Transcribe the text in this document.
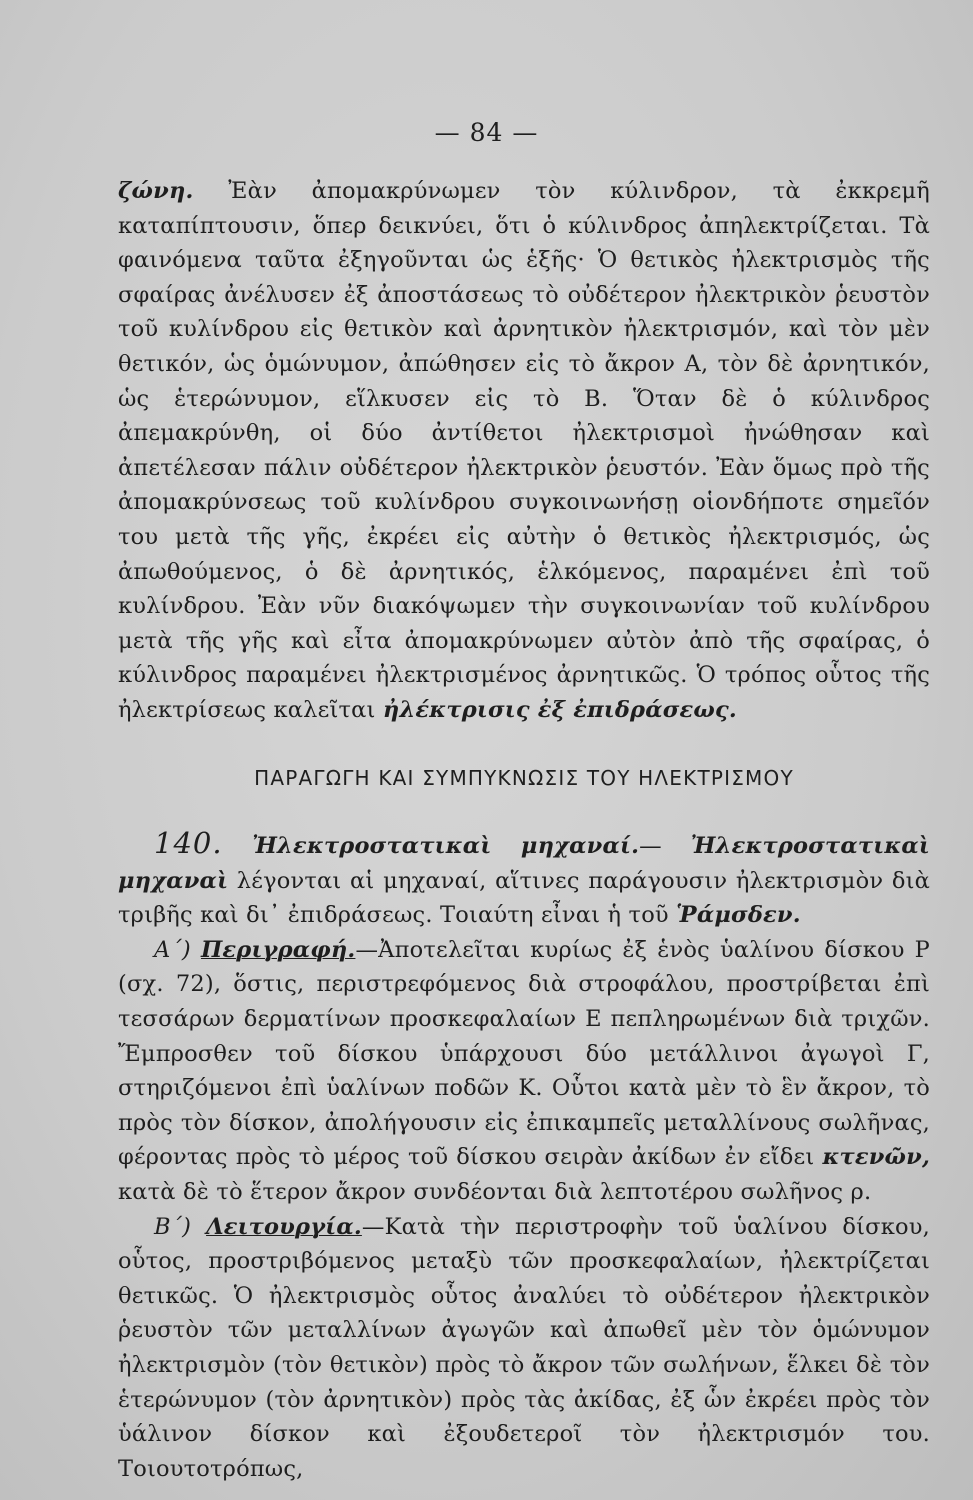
— 84 —

ζώνη. Ἐὰν ἀπομακρύνωμεν τὸν κύλινδρον, τὰ ἐκκρεμῆ καταπίπτουσιν, ὅπερ δεικνύει, ὅτι ὁ κύλινδρος ἀπηλεκτρίζεται. Τὰ φαινόμενα ταῦτα ἐξηγοῦνται ὡς ἑξῆς· Ὁ θετικὸς ἠλεκτρισμὸς τῆς σφαίρας ἀνέλυσεν ἐξ ἀποστάσεως τὸ οὐδέτερον ἠλεκτρικὸν ῥευστὸν τοῦ κυλίνδρου εἰς θετικὸν καὶ ἀρνητικὸν ἠλεκτρισμόν, καὶ τὸν μὲν θετικόν, ὡς ὁμώνυμον, ἀπώθησεν εἰς τὸ ἄκρον Α, τὸν δὲ ἀρνητικόν, ὡς ἑτερώνυμον, εἵλκυσεν εἰς τὸ Β. Ὅταν δὲ ὁ κύλινδρος ἀπεμακρύνθη, οἱ δύο ἀντίθετοι ἠλεκτρισμοὶ ἠνώθησαν καὶ ἀπετέλεσαν πάλιν οὐδέτερον ἠλεκτρικὸν ῥευστόν. Ἐὰν ὅμως πρὸ τῆς ἀπομακρύνσεως τοῦ κυλίνδρου συγκοινωνήσῃ οἱονδήποτε σημεῖόν του μετὰ τῆς γῆς, ἐκρέει εἰς αὐτὴν ὁ θετικὸς ἠλεκτρισμός, ὡς ἀπωθούμενος, ὁ δὲ ἀρνητικός, ἑλκόμενος, παραμένει ἐπὶ τοῦ κυλίνδρου. Ἐὰν νῦν διακόψωμεν τὴν συγκοινωνίαν τοῦ κυλίνδρου μετὰ τῆς γῆς καὶ εἶτα ἀπομακρύνωμεν αὐτὸν ἀπὸ τῆς σφαίρας, ὁ κύλινδρος παραμένει ἠλεκτρισμένος ἀρνητικῶς. Ὁ τρόπος οὗτος τῆς ἠλεκτρίσεως καλεῖται ἠλέκτρισις ἐξ ἐπιδράσεως.

ΠΑΡΑΓΩΓΗ ΚΑΙ ΣΥΜΠΥΚΝΩΣΙΣ ΤΟΥ ΗΛΕΚΤΡΙΣΜΟΥ

140. Ἠλεκτροστατικαὶ μηχαναί.— Ἠλεκτροστατικαὶ μηχαναὶ λέγονται αἱ μηχαναί, αἵτινες παράγουσιν ἠλεκτρισμὸν διὰ τριβῆς καὶ δι᾽ ἐπιδράσεως. Τοιαύτη εἶναι ἡ τοῦ Ῥάμσδεν.

Α΄) Περιγραφή.—Ἀποτελεῖται κυρίως ἐξ ἑνὸς ὑαλίνου δίσκου Ρ (σχ. 72), ὅστις, περιστρεφόμενος διὰ στροφάλου, προστρίβεται ἐπὶ τεσσάρων δερματίνων προσκεφαλαίων Ε πεπληρωμένων διὰ τριχῶν. Ἔμπροσθεν τοῦ δίσκου ὑπάρχουσι δύο μετάλλινοι ἀγωγοὶ Γ, στηριζόμενοι ἐπὶ ὑαλίνων ποδῶν Κ. Οὗτοι κατὰ μὲν τὸ ἓν ἄκρον, τὸ πρὸς τὸν δίσκον, ἀπολήγουσιν εἰς ἐπικαμπεῖς μεταλλίνους σωλῆνας, φέροντας πρὸς τὸ μέρος τοῦ δίσκου σειρὰν ἀκίδων ἐν εἴδει κτενῶν, κατὰ δὲ τὸ ἕτερον ἄκρον συνδέονται διὰ λεπτοτέρου σωλῆνος ρ.

Β΄) Λειτουργία.—Κατὰ τὴν περιστροφὴν τοῦ ὑαλίνου δίσκου, οὗτος, προστριβόμενος μεταξὺ τῶν προσκεφαλαίων, ἠλεκτρίζεται θετικῶς. Ὁ ἠλεκτρισμὸς οὗτος ἀναλύει τὸ οὐδέτερον ἠλεκτρικὸν ῥευστὸν τῶν μεταλλίνων ἀγωγῶν καὶ ἀπωθεῖ μὲν τὸν ὁμώνυμον ἠλεκτρισμὸν (τὸν θετικὸν) πρὸς τὸ ἄκρον τῶν σωλήνων, ἕλκει δὲ τὸν ἑτερώνυμον (τὸν ἀρνητικὸν) πρὸς τὰς ἀκίδας, ἐξ ὧν ἐκρέει πρὸς τὸν ὑάλινον δίσκον καὶ ἐξουδετεροῖ τὸν ἠλεκτρισμόν του. Τοιουτοτρόπως,
